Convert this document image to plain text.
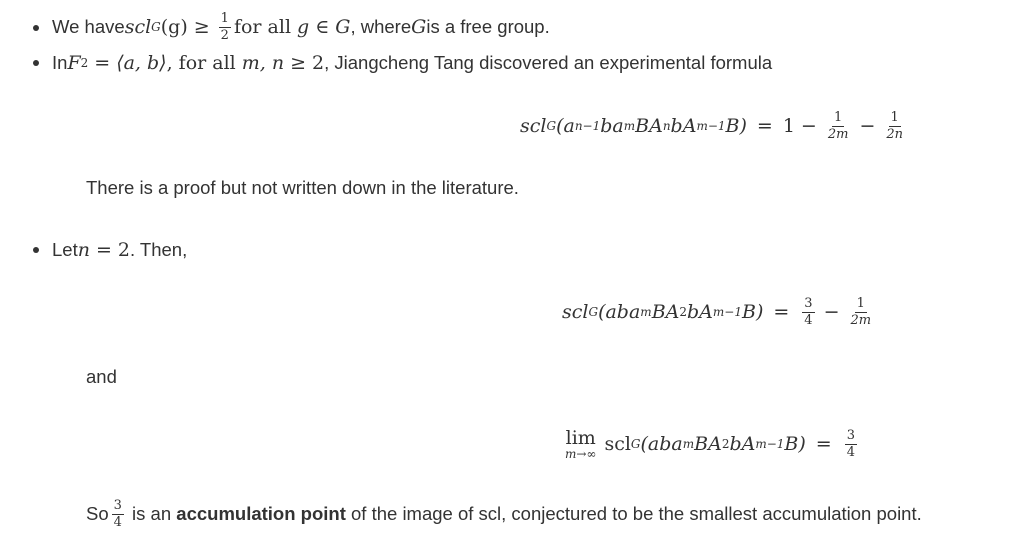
We have scl G $(g) \ge \frac{1}{2}$ for all g ∈ G , where G is a free group.
In F 2 = ⟨a, b⟩ , for all m, n ≥ 2 , Jiangcheng Tang discovered an experimental formula
scl G (a n−1 ba m BA n bA m−1 $B) = 1 - \frac{1}{2m} - \frac{1}{2n}$
There is a proof but not written down in the literature.
Let n = 2 . Then,
scl G (aba m BA 2 bA m−1 $B) = \frac{3}{4} - \frac{1}{2m}$
and
lim
m→∞ scl G (aba m BA 2 bA m−1 $B) = \frac{3}{4}$
So $\frac{3}{4}$ is an accumulation point of the image of scl, conjectured to be the smallest accumulation point.
